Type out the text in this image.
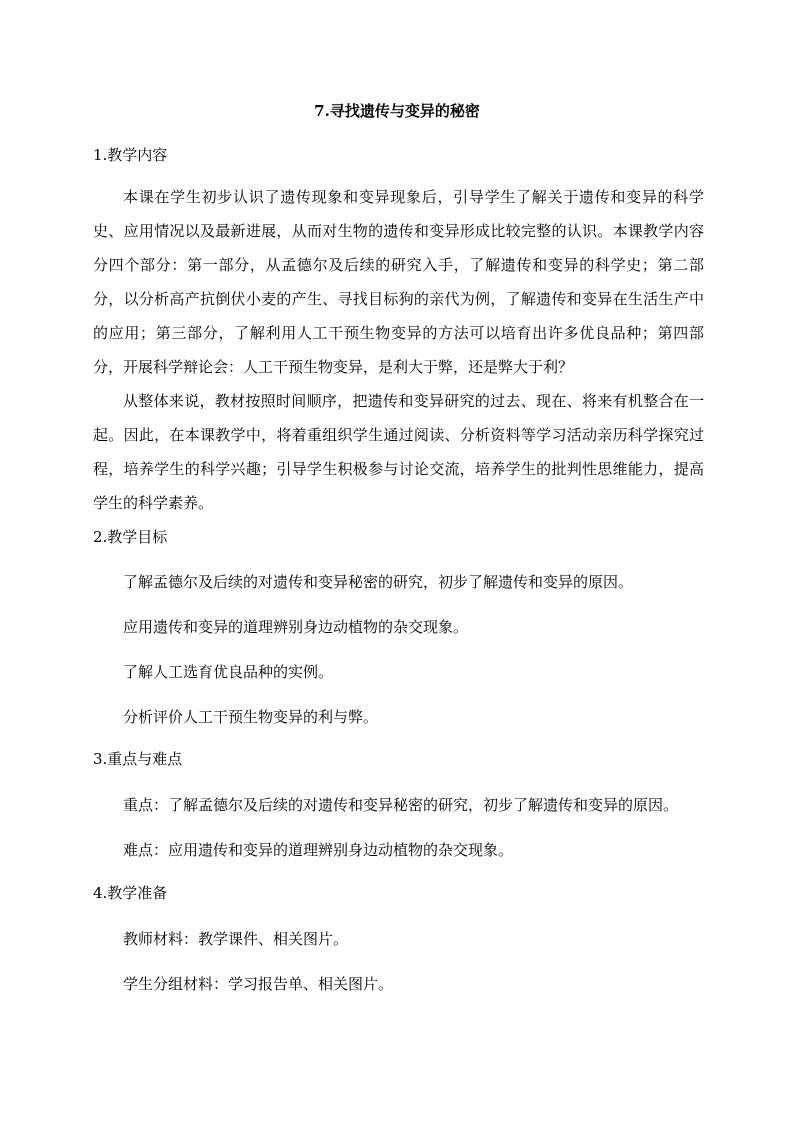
7.寻找遗传与变异的秘密
1.教学内容
本课在学生初步认识了遗传现象和变异现象后，引导学生了解关于遗传和变异的科学史、应用情况以及最新进展，从而对生物的遗传和变异形成比较完整的认识。本课教学内容分四个部分：第一部分，从孟德尔及后续的研究入手，了解遗传和变异的科学史；第二部分，以分析高产抗倒伏小麦的产生、寻找目标狗的亲代为例，了解遗传和变异在生活生产中的应用；第三部分，了解利用人工干预生物变异的方法可以培育出许多优良品种；第四部分，开展科学辩论会：人工干预生物变异，是利大于弊，还是弊大于利？
从整体来说，教材按照时间顺序，把遗传和变异研究的过去、现在、将来有机整合在一起。因此，在本课教学中，将着重组织学生通过阅读、分析资料等学习活动亲历科学探究过程，培养学生的科学兴趣；引导学生积极参与讨论交流，培养学生的批判性思维能力，提高学生的科学素养。
2.教学目标
了解孟德尔及后续的对遗传和变异秘密的研究，初步了解遗传和变异的原因。
应用遗传和变异的道理辨别身边动植物的杂交现象。
了解人工选育优良品种的实例。
分析评价人工干预生物变异的利与弊。
3.重点与难点
重点：了解孟德尔及后续的对遗传和变异秘密的研究，初步了解遗传和变异的原因。
难点：应用遗传和变异的道理辨别身边动植物的杂交现象。
4.教学准备
教师材料：教学课件、相关图片。
学生分组材料：学习报告单、相关图片。
